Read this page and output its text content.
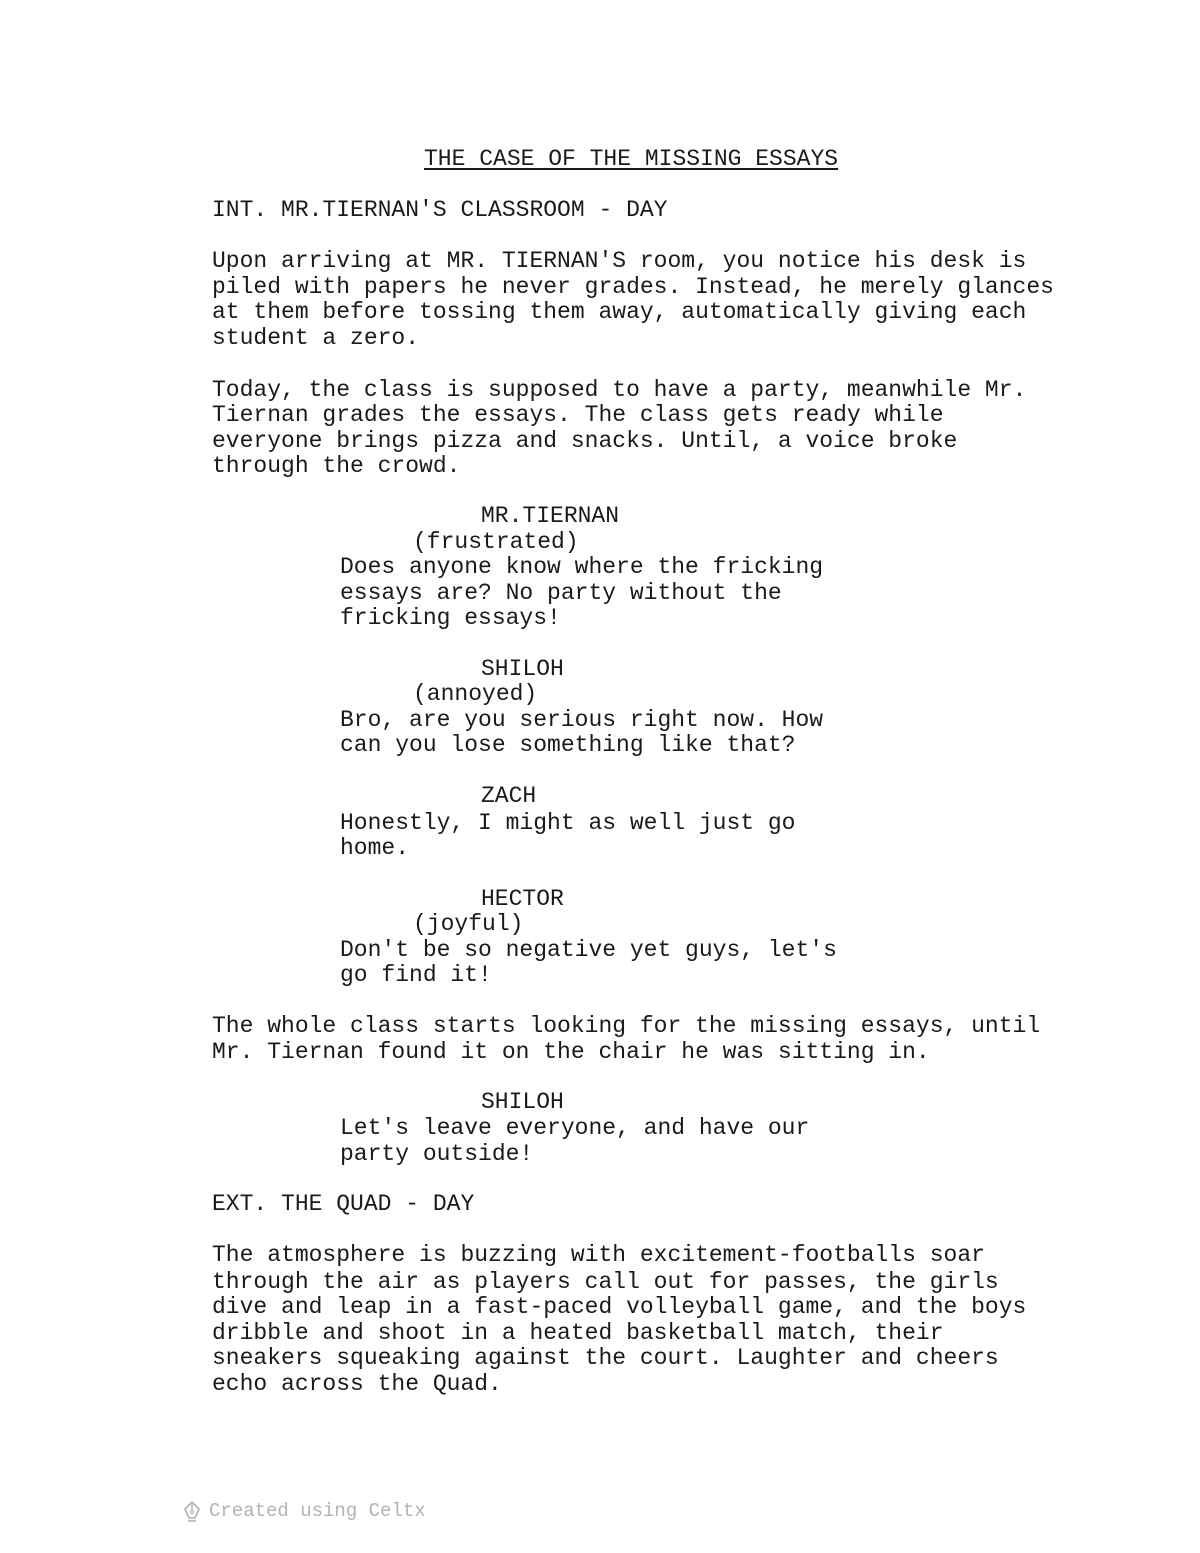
THE CASE OF THE MISSING ESSAYS
INT. MR.TIERNAN'S CLASSROOM - DAY
Upon arriving at MR. TIERNAN'S room, you notice his desk is
piled with papers he never grades. Instead, he merely glances
at them before tossing them away, automatically giving each
student a zero.
Today, the class is supposed to have a party, meanwhile Mr.
Tiernan grades the essays. The class gets ready while
everyone brings pizza and snacks. Until, a voice broke
through the crowd.
MR.TIERNAN
(frustrated)
Does anyone know where the fricking
essays are? No party without the
fricking essays!
SHILOH
(annoyed)
Bro, are you serious right now. How
can you lose something like that?
ZACH
Honestly, I might as well just go
home.
HECTOR
(joyful)
Don't be so negative yet guys, let's
go find it!
The whole class starts looking for the missing essays, until
Mr. Tiernan found it on the chair he was sitting in.
SHILOH
Let's leave everyone, and have our
party outside!
EXT. THE QUAD - DAY
The atmosphere is buzzing with excitement-footballs soar
through the air as players call out for passes, the girls
dive and leap in a fast-paced volleyball game, and the boys
dribble and shoot in a heated basketball match, their
sneakers squeaking against the court. Laughter and cheers
echo across the Quad.
Created using Celtx
